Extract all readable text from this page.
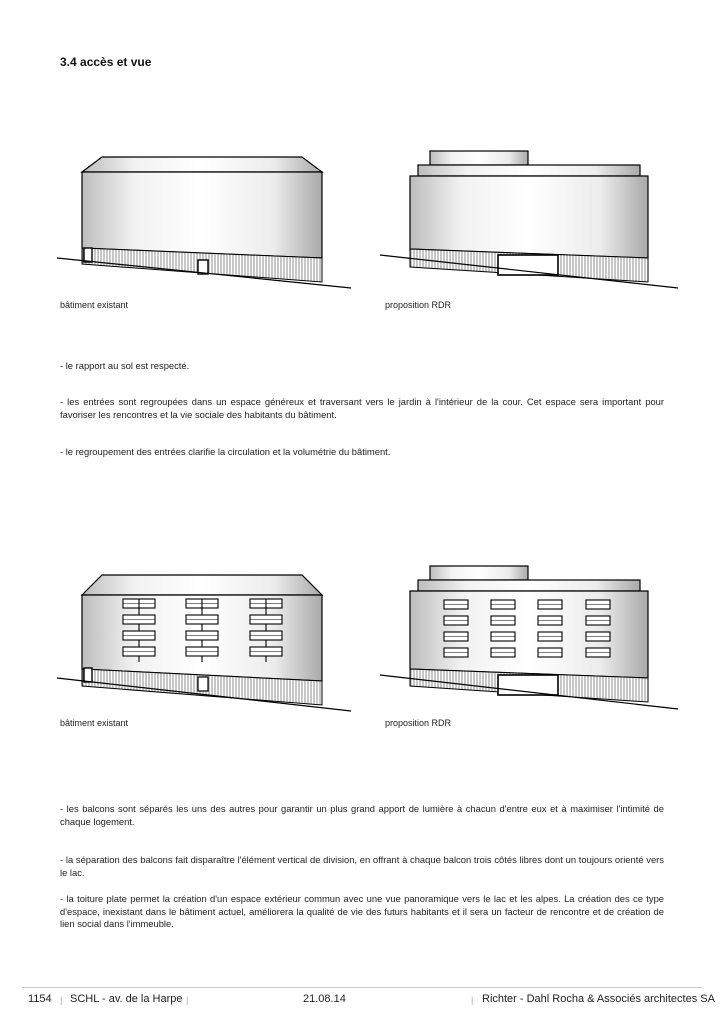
3.4 accès et vue
bâtiment existant	proposition RDR
- le rapport au sol est respecté.
- les entrées sont regroupées dans un espace généreux et traversant vers le jardin à l'intérieur de la cour. Cet espace sera important pour favoriser les rencontres et la vie sociale des habitants du bâtiment.
- le regroupement des entrées clarifie la circulation et la volumétrie du bâtiment.
bâtiment existant	proposition RDR
- les balcons sont séparés les uns des autres pour garantir un plus grand apport de lumière à chacun d'entre eux et à maximiser l'intimité de chaque logement.
- la séparation des balcons fait disparaître l'élément vertical de division, en offrant à chaque balcon trois côtés libres dont un toujours orienté vers le lac.
- la toiture plate permet la création d'un espace extérieur commun avec une vue panoramique vers le lac et les alpes. La création des ce type d'espace, inexistant dans le bâtiment actuel, améliorera la qualité de vie des futurs habitants et il sera un facteur de rencontre et de création de lien social dans l'immeuble.
1154 | SCHL - av. de la Harpe |	21.08.14	| Richter - Dahl Rocha & Associés architectes SA
